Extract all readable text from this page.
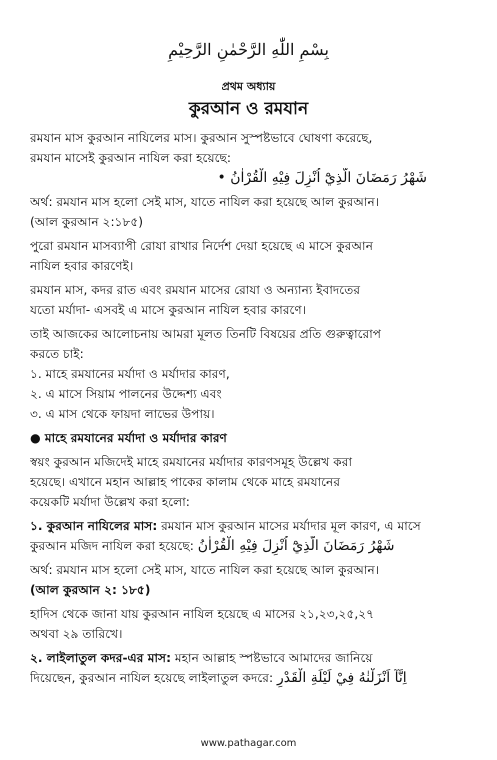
بِسْمِ اللّٰهِ الرَّحْمٰنِ الرَّحِيْمِ
প্রথম অধ্যায়
কুরআন ও রমযান

রমযান মাস কুরআন নাযিলের মাস। কুরআন সুস্পষ্টভাবে ঘোষণা করেছে,
রমযান মাসেই কুরআন নাযিল করা হয়েছে:
شَهْرُ رَمَضَانَ الَّذِيْٓ اُنْزِلَ فِيْهِ الْقُرْاٰنُ •

অর্থ: রমযান মাস হলো সেই মাস, যাতে নাযিল করা হয়েছে আল কুরআন।
(আল কুরআন ২:১৮৫)

পুরো রমযান মাসব্যাপী রোযা রাখার নির্দেশ দেয়া হয়েছে এ মাসে কুরআন
নাযিল হবার কারণেই।

রমযান মাস, কদর রাত এবং রমযান মাসের রোযা ও অন্যান্য ইবাদতের
যতো মর্যাদা- এসবই এ মাসে কুরআন নাযিল হবার কারণে।

তাই আজকের আলোচনায় আমরা মূলত তিনটি বিষয়ের প্রতি গুরুত্বারোপ
করতে চাই:
১. মাহে রমযানের মর্যাদা ও মর্যাদার কারণ,
২. এ মাসে সিয়াম পালনের উদ্দেশ্য এবং
৩. এ মাস থেকে ফায়দা লাভের উপায়।

● মাহে রমযানের মর্যাদা ও মর্যাদার কারণ

স্বয়ং কুরআন মজিদেই মাহে রমযানের মর্যাদার কারণসমূহ উল্লেখ করা
হয়েছে। এখানে মহান আল্লাহ পাকের কালাম থেকে মাহে রমযানের
কয়েকটি মর্যাদা উল্লেখ করা হলো:

১. কুরআন নাযিলের মাস: রমযান মাস কুরআন মাসের মর্যাদার মূল কারণ, এ মাসে
কুরআন মজিদ নাযিল করা হয়েছে: شَهْرُ رَمَضَانَ الَّذِيْٓ اُنْزِلَ فِيْهِ الْقُرْاٰنُ

অর্থ: রমযান মাস হলো সেই মাস, যাতে নাযিল করা হয়েছে আল কুরআন।
(আল কুরআন ২: ১৮৫)

হাদিস থেকে জানা যায় কুরআন নাযিল হয়েছে এ মাসের ২১,২৩,২৫,২৭
অথবা ২৯ তারিখে।

২. লাইলাতুল কদর-এর মাস: মহান আল্লাহ স্পষ্টভাবে আমাদের জানিয়ে
দিয়েছেন, কুরআন নাযিল হয়েছে লাইলাতুল কদরে: اِنَّآ اَنْزَلْنٰهُ فِيْ لَيْلَةِ الْقَدْرِ

www.pathagar.com
